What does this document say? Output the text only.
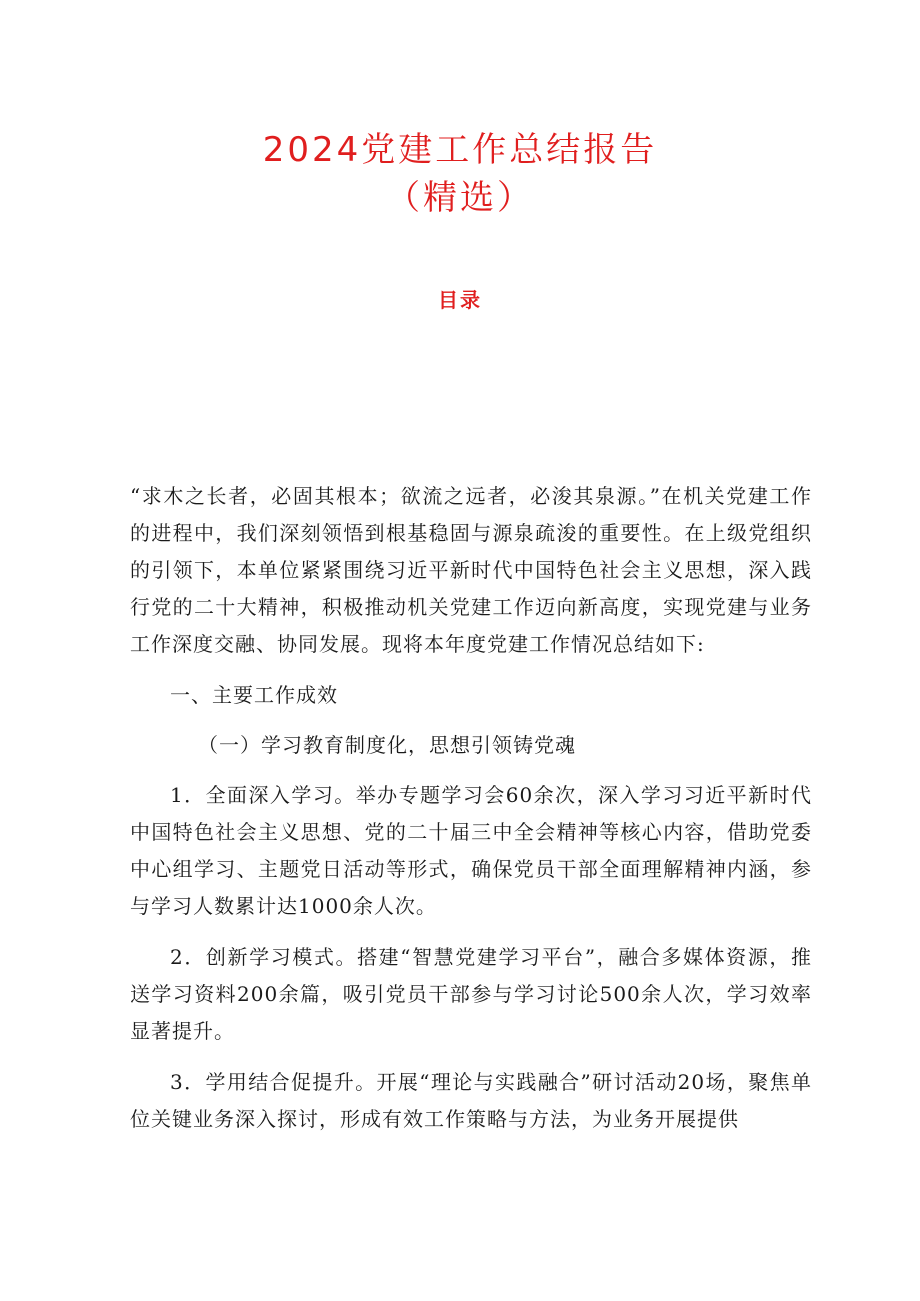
2024党建工作总结报告
（精选）
目录

“求木之长者，必固其根本；欲流之远者，必浚其泉源。”在机关党建工作的进程中，我们深刻领悟到根基稳固与源泉疏浚的重要性。在上级党组织的引领下，本单位紧紧围绕习近平新时代中国特色社会主义思想，深入践行党的二十大精神，积极推动机关党建工作迈向新高度，实现党建与业务工作深度交融、协同发展。现将本年度党建工作情况总结如下:

一、主要工作成效

（一）学习教育制度化，思想引领铸党魂

1．全面深入学习。举办专题学习会60余次，深入学习习近平新时代中国特色社会主义思想、党的二十届三中全会精神等核心内容，借助党委中心组学习、主题党日活动等形式，确保党员干部全面理解精神内涵，参与学习人数累计达1000余人次。

2．创新学习模式。搭建“智慧党建学习平台”，融合多媒体资源，推送学习资料200余篇，吸引党员干部参与学习讨论500余人次，学习效率显著提升。

3．学用结合促提升。开展“理论与实践融合”研讨活动20场，聚焦单位关键业务深入探讨，形成有效工作策略与方法，为业务开展提供
